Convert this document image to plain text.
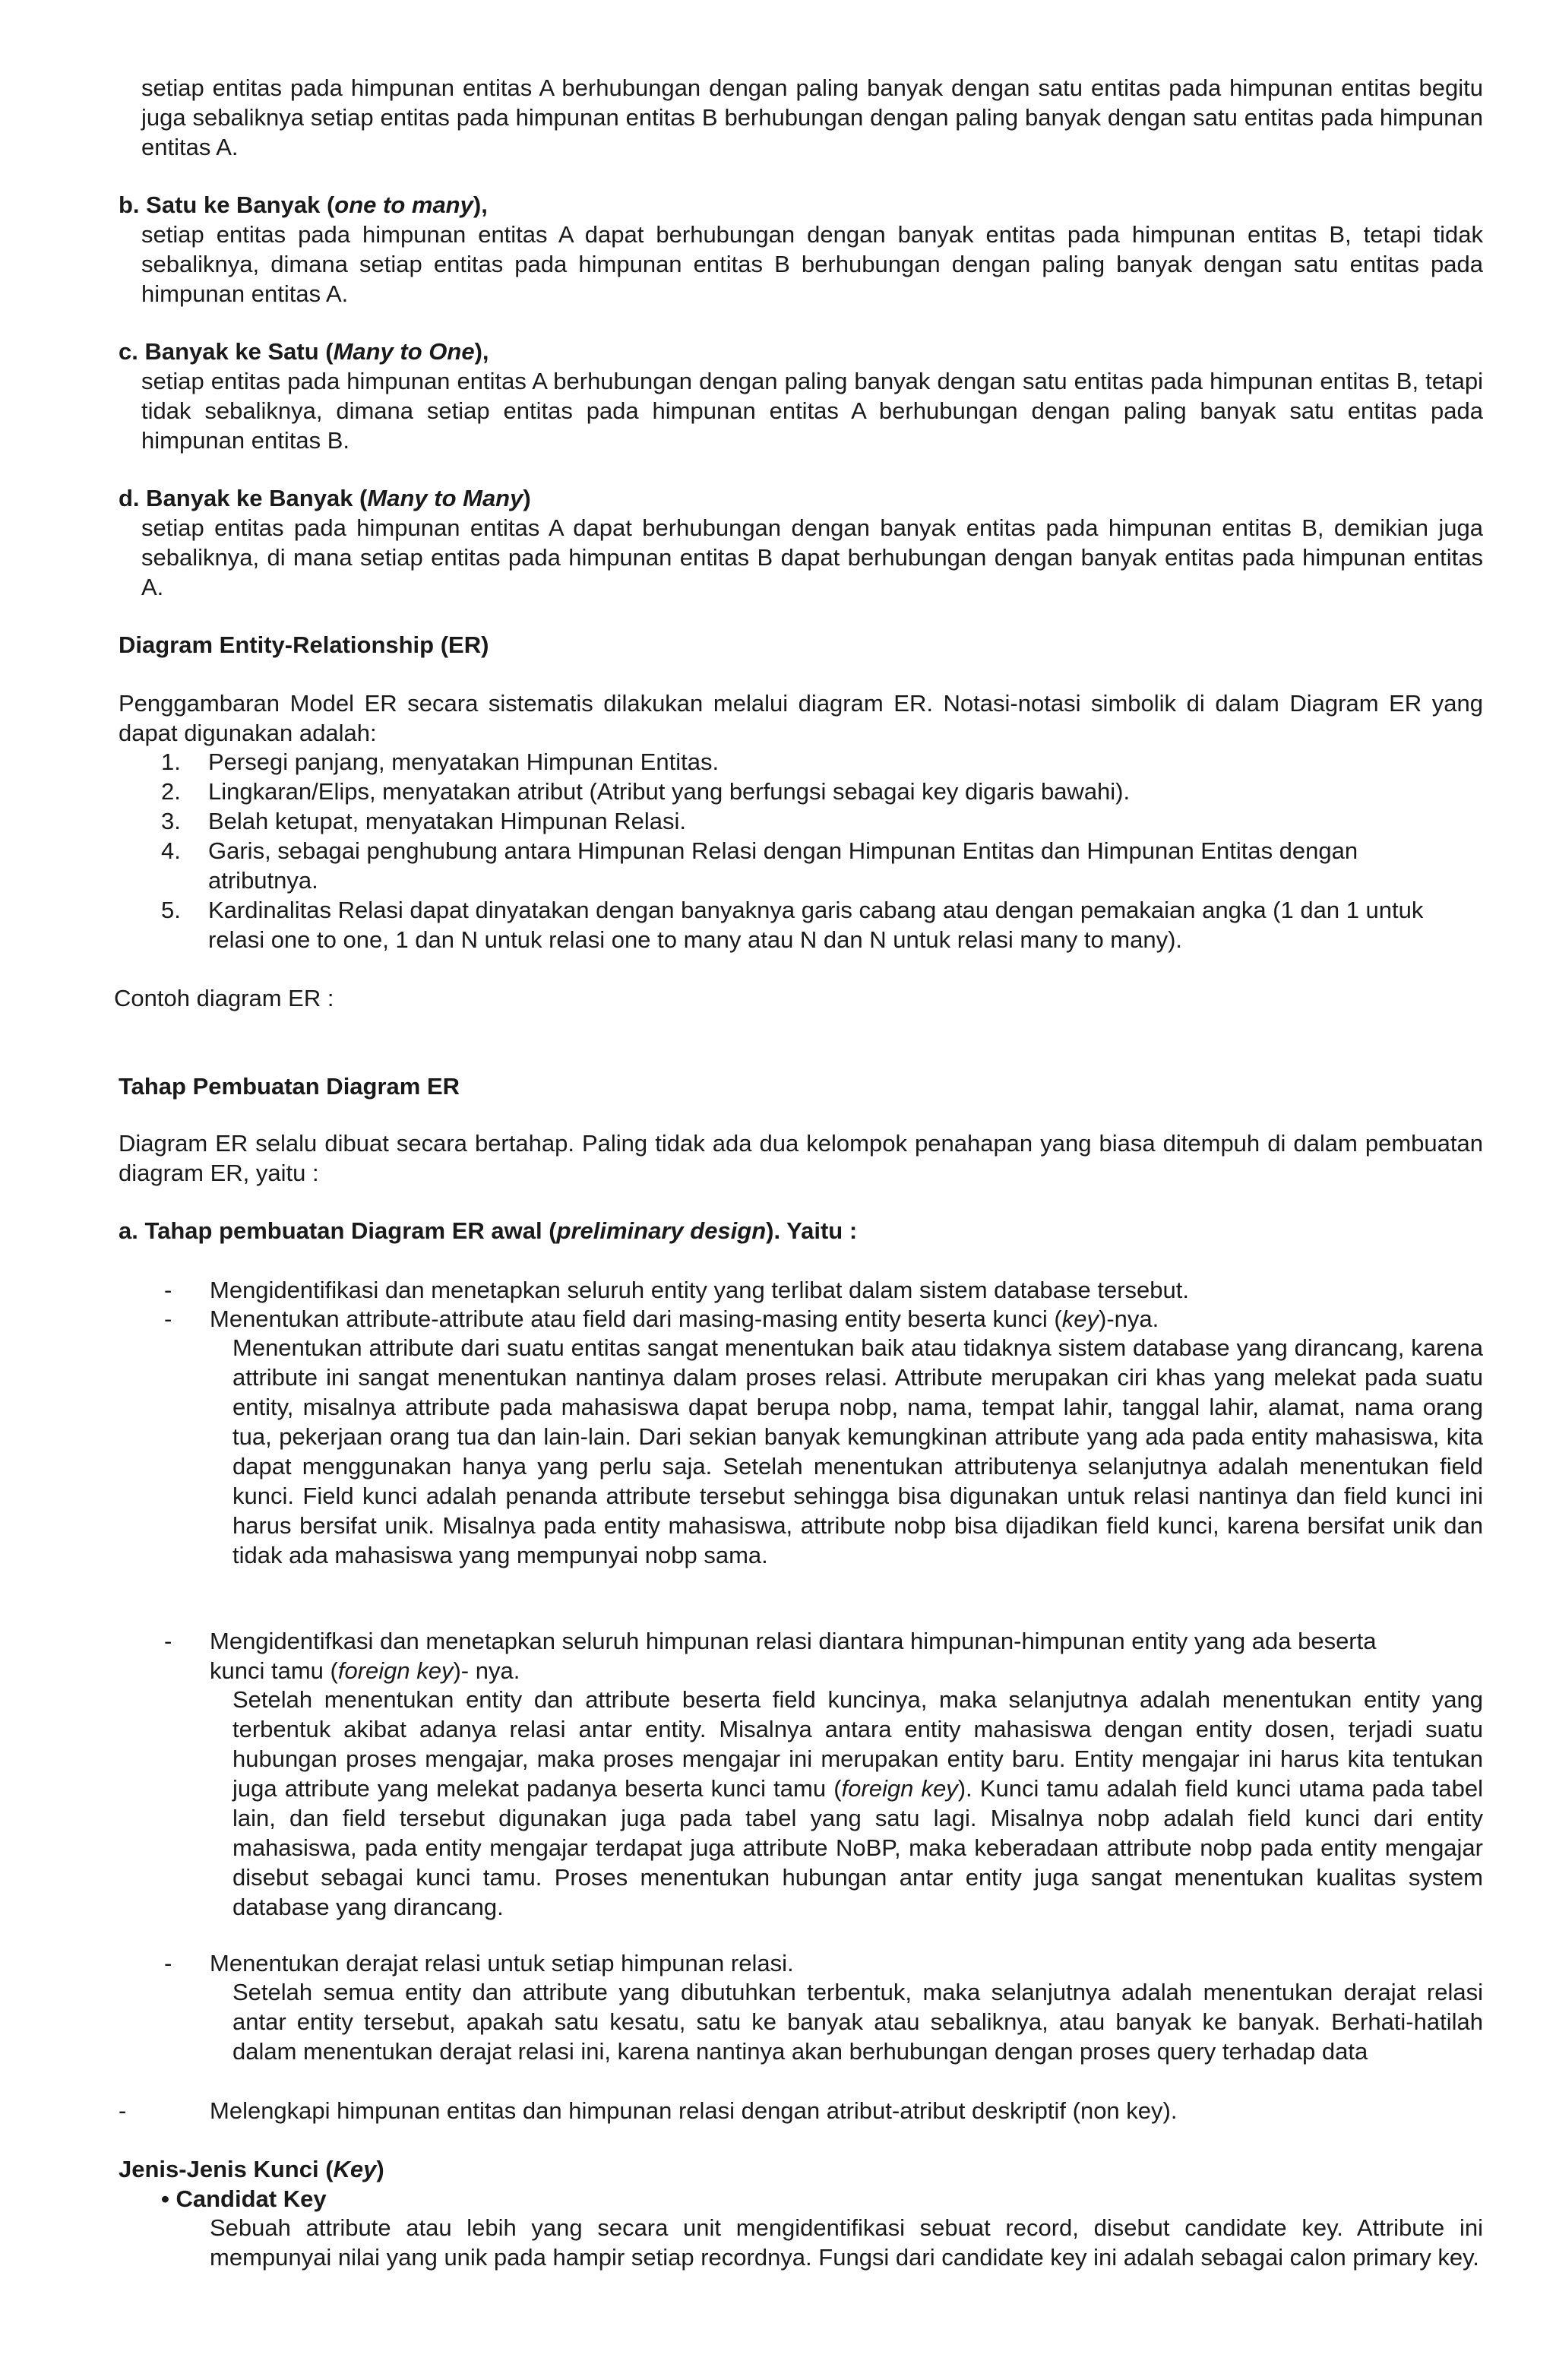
setiap entitas pada himpunan entitas A berhubungan dengan paling banyak dengan satu entitas pada himpunan entitas begitu juga sebaliknya setiap entitas pada himpunan entitas B berhubungan dengan paling banyak dengan satu entitas pada himpunan entitas A.

b. Satu ke Banyak (one to many),

setiap entitas pada himpunan entitas A dapat berhubungan dengan banyak entitas pada himpunan entitas B, tetapi tidak sebaliknya, dimana setiap entitas pada himpunan entitas B berhubungan dengan paling banyak dengan satu entitas pada himpunan entitas A.

c. Banyak ke Satu (Many to One),

setiap entitas pada himpunan entitas A berhubungan dengan paling banyak dengan satu entitas pada himpunan entitas B, tetapi tidak sebaliknya, dimana setiap entitas pada himpunan entitas A berhubungan dengan paling banyak satu entitas pada himpunan entitas B.

d. Banyak ke Banyak (Many to Many)

setiap entitas pada himpunan entitas A dapat berhubungan dengan banyak entitas pada himpunan entitas B, demikian juga sebaliknya, di mana setiap entitas pada himpunan entitas B dapat berhubungan dengan banyak entitas pada himpunan entitas A.

Diagram Entity-Relationship (ER)

Penggambaran Model ER secara sistematis dilakukan melalui diagram ER. Notasi-notasi simbolik di dalam Diagram ER yang dapat digunakan adalah:

1. Persegi panjang, menyatakan Himpunan Entitas.
2. Lingkaran/Elips, menyatakan atribut (Atribut yang berfungsi sebagai key digaris bawahi).
3. Belah ketupat, menyatakan Himpunan Relasi.
4. Garis, sebagai penghubung antara Himpunan Relasi dengan Himpunan Entitas dan Himpunan Entitas dengan atributnya.
5. Kardinalitas Relasi dapat dinyatakan dengan banyaknya garis cabang atau dengan pemakaian angka (1 dan 1 untuk relasi one to one, 1 dan N untuk relasi one to many atau N dan N untuk relasi many to many).

Contoh diagram ER :

Tahap Pembuatan Diagram ER

Diagram ER selalu dibuat secara bertahap. Paling tidak ada dua kelompok penahapan yang biasa ditempuh di dalam pembuatan diagram ER, yaitu :

a. Tahap pembuatan Diagram ER awal (preliminary design). Yaitu :

- Mengidentifikasi dan menetapkan seluruh entity yang terlibat dalam sistem database tersebut.
- Menentukan attribute-attribute atau field dari masing-masing entity beserta kunci (key)-nya.

Menentukan attribute dari suatu entitas sangat menentukan baik atau tidaknya sistem database yang dirancang, karena attribute ini sangat menentukan nantinya dalam proses relasi. Attribute merupakan ciri khas yang melekat pada suatu entity, misalnya attribute pada mahasiswa dapat berupa nobp, nama, tempat lahir, tanggal lahir, alamat, nama orang tua, pekerjaan orang tua dan lain-lain. Dari sekian banyak kemungkinan attribute yang ada pada entity mahasiswa, kita dapat menggunakan hanya yang perlu saja. Setelah menentukan attributenya selanjutnya adalah menentukan field kunci. Field kunci adalah penanda attribute tersebut sehingga bisa digunakan untuk relasi nantinya dan field kunci ini harus bersifat unik. Misalnya pada entity mahasiswa, attribute nobp bisa dijadikan field kunci, karena bersifat unik dan tidak ada mahasiswa yang mempunyai nobp sama.

- Mengidentifkasi dan menetapkan seluruh himpunan relasi diantara himpunan-himpunan entity yang ada beserta
kunci tamu (foreign key)- nya.

Setelah menentukan entity dan attribute beserta field kuncinya, maka selanjutnya adalah menentukan entity yang terbentuk akibat adanya relasi antar entity. Misalnya antara entity mahasiswa dengan entity dosen, terjadi suatu hubungan proses mengajar, maka proses mengajar ini merupakan entity baru. Entity mengajar ini harus kita tentukan juga attribute yang melekat padanya beserta kunci tamu (foreign key). Kunci tamu adalah field kunci utama pada tabel lain, dan field tersebut digunakan juga pada tabel yang satu lagi. Misalnya nobp adalah field kunci dari entity mahasiswa, pada entity mengajar terdapat juga attribute NoBP, maka keberadaan attribute nobp pada entity mengajar disebut sebagai kunci tamu. Proses menentukan hubungan antar entity juga sangat menentukan kualitas system database yang dirancang.

- Menentukan derajat relasi untuk setiap himpunan relasi.

Setelah semua entity dan attribute yang dibutuhkan terbentuk, maka selanjutnya adalah menentukan derajat relasi antar entity tersebut, apakah satu kesatu, satu ke banyak atau sebaliknya, atau banyak ke banyak. Berhati-hatilah dalam menentukan derajat relasi ini, karena nantinya akan berhubungan dengan proses query terhadap data

-	Melengkapi himpunan entitas dan himpunan relasi dengan atribut-atribut deskriptif (non key).

Jenis-Jenis Kunci (Key)

• Candidat Key

Sebuah attribute atau lebih yang secara unit mengidentifikasi sebuat record, disebut candidate key. Attribute ini mempunyai nilai yang unik pada hampir setiap recordnya. Fungsi dari candidate key ini adalah sebagai calon primary key.
